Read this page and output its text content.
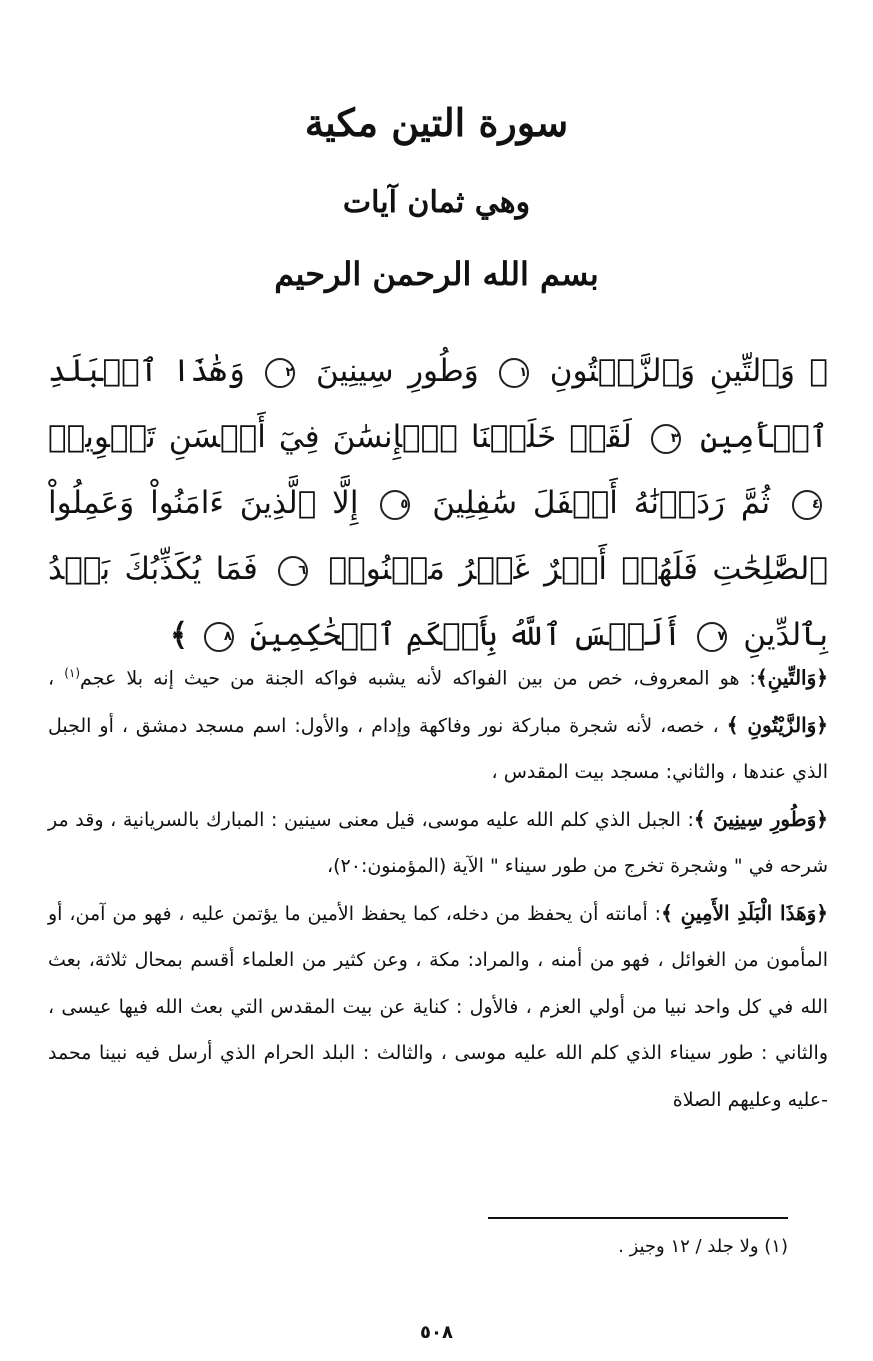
سورة التين مكية
وهي ثمان آيات
بسم الله الرحمن الرحيم
﴿ وَٱلتِّينِ وَٱلزَّيۡتُونِ ١ وَطُورِ سِينِينَ ٢ وَهَٰذَا ٱلۡبَلَدِ ٱلۡأَمِينِ ٣ لَقَدۡ خَلَقۡنَا ٱلۡإِنسَٰنَ فِيٓ أَحۡسَنِ تَقۡوِيمٖ ٤ ثُمَّ رَدَدۡنَٰهُ أَسۡفَلَ سَٰفِلِينَ ٥ إِلَّا ٱلَّذِينَ ءَامَنُواْ وَعَمِلُواْ ٱلصَّٰلِحَٰتِ فَلَهُمۡ أَجۡرٌ غَيۡرُ مَمۡنُونٖ ٦ فَمَا يُكَذِّبُكَ بَعۡدُ بِٱلدِّينِ ٧ أَلَيۡسَ ٱللَّهُ بِأَحۡكَمِ ٱلۡحَٰكِمِينَ ٨ ﴾

﴿وَالتِّينِ﴾: هو المعروف، خص من بين الفواكه لأنه يشبه فواكه الجنة من حيث إنه بلا عجم$^{(١)}$ ، ﴿وَالزَّيْتُونِ ﴾ ، خصه، لأنه شجرة مباركة نور وفاكهة وإدام ، والأول: اسم مسجد دمشق ، أو الجبل الذي عندها ، والثاني: مسجد بيت المقدس ،

﴿وَطُورِ سِينِينَ ﴾: الجبل الذي كلم الله عليه موسى، قيل معنى سينين : المبارك بالسريانية ، وقد مر شرحه في " وشجرة تخرج من طور سيناء " الآية (المؤمنون:٢٠)،

﴿وَهَذَا الْبَلَدِ الأَمِينِ ﴾: أمانته أن يحفظ من دخله، كما يحفظ الأمين ما يؤتمن عليه ، فهو من آمن، أو المأمون من الغوائل ، فهو من أمنه ، والمراد: مكة ، وعن كثير من العلماء أقسم بمحال ثلاثة، بعث الله في كل واحد نبيا من أولي العزم ، فالأول : كناية عن بيت المقدس التي بعث الله فيها عيسى ، والثاني : طور سيناء الذي كلم الله عليه موسى ، والثالث : البلد الحرام الذي أرسل فيه نبينا محمد -عليه وعليهم الصلاة

(١) ولا جلد / ١٢ وجيز .
٥٠٨
